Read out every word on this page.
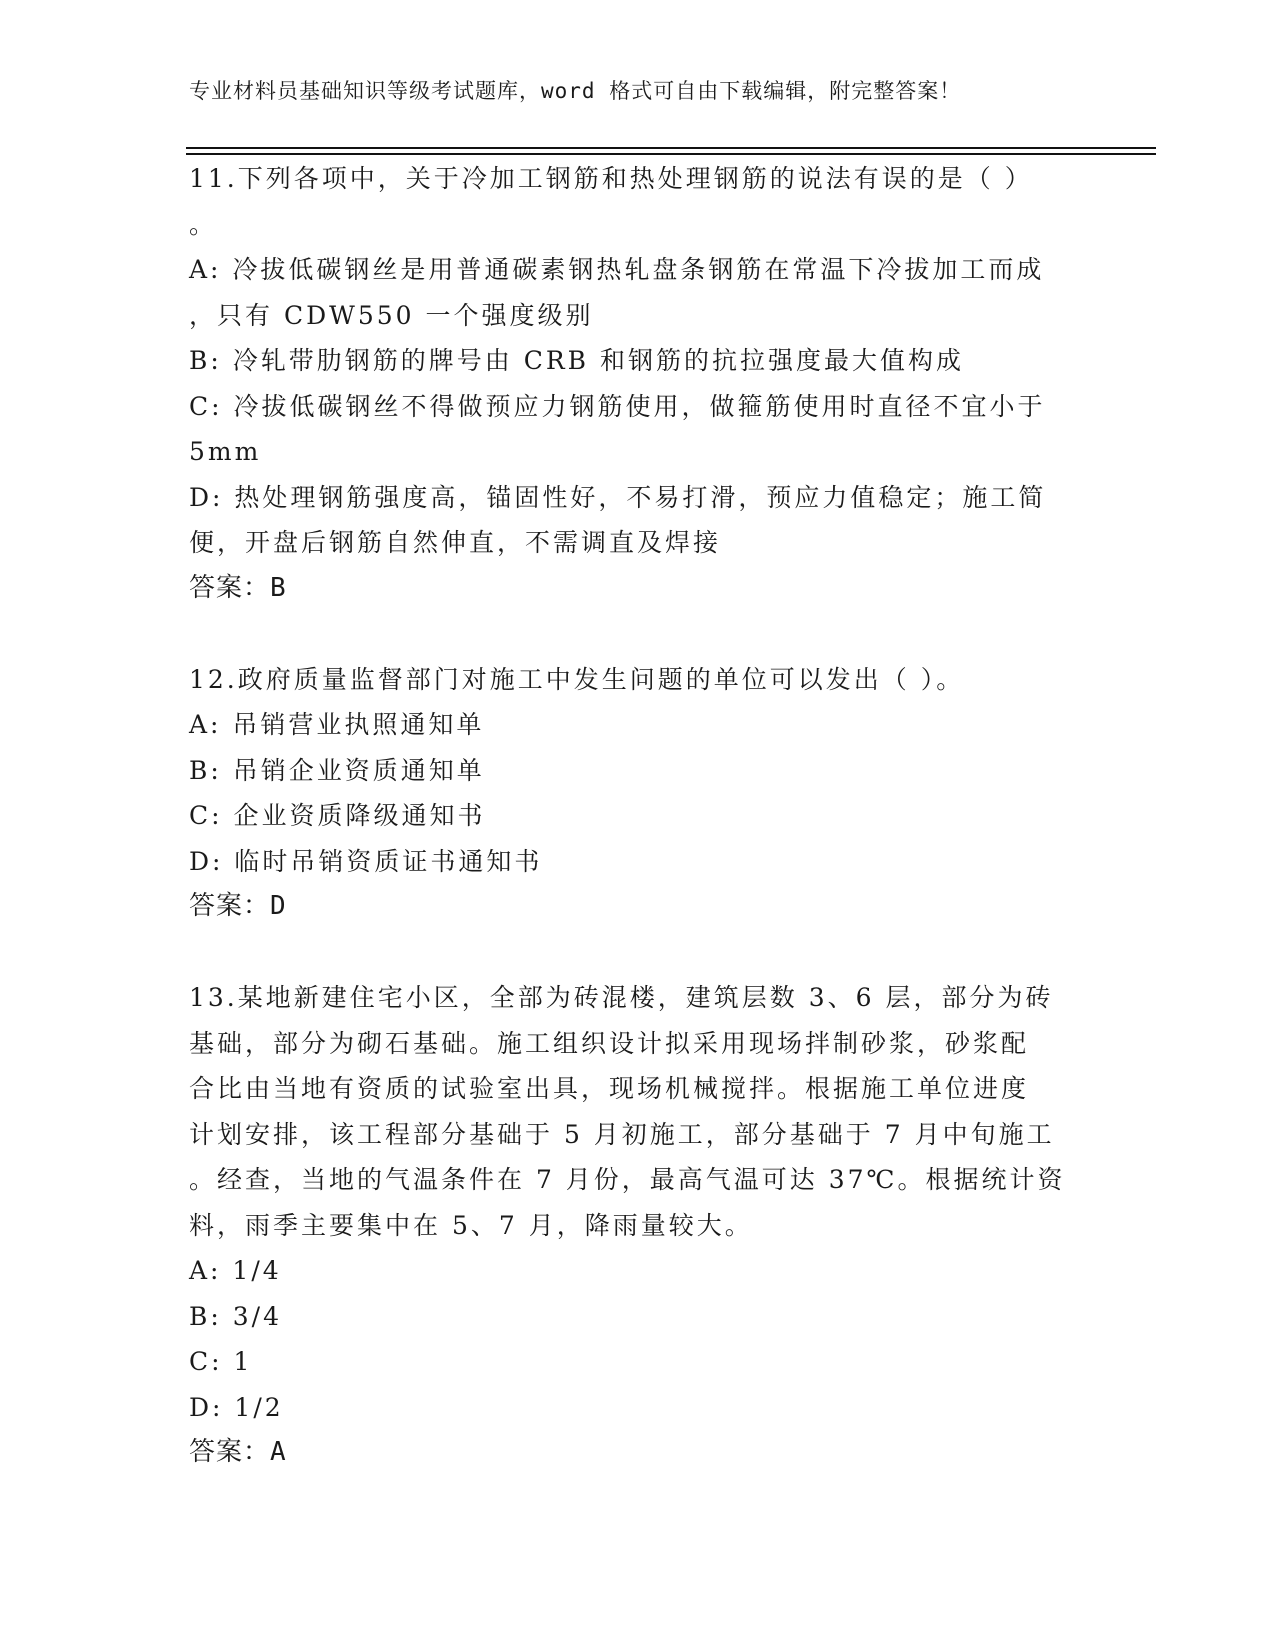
专业材料员基础知识等级考试题库，word 格式可自由下载编辑，附完整答案！
11.下列各项中，关于冷加工钢筋和热处理钢筋的说法有误的是（ ）
。
A: 冷拔低碳钢丝是用普通碳素钢热轧盘条钢筋在常温下冷拔加工而成
，只有 CDW550 一个强度级别
B: 冷轧带肋钢筋的牌号由 CRB 和钢筋的抗拉强度最大值构成
C: 冷拔低碳钢丝不得做预应力钢筋使用，做箍筋使用时直径不宜小于
5mm
D: 热处理钢筋强度高，锚固性好，不易打滑，预应力值稳定；施工简
便，开盘后钢筋自然伸直，不需调直及焊接
答案：B
12.政府质量监督部门对施工中发生问题的单位可以发出（ ）。
A: 吊销营业执照通知单
B: 吊销企业资质通知单
C: 企业资质降级通知书
D: 临时吊销资质证书通知书
答案：D
13.某地新建住宅小区，全部为砖混楼，建筑层数 3、6 层，部分为砖
基础，部分为砌石基础。施工组织设计拟采用现场拌制砂浆，砂浆配
合比由当地有资质的试验室出具，现场机械搅拌。根据施工单位进度
计划安排，该工程部分基础于 5 月初施工，部分基础于 7 月中旬施工
。经查，当地的气温条件在 7 月份，最高气温可达 37℃。根据统计资
料，雨季主要集中在 5、7 月，降雨量较大。
A: 1/4
B: 3/4
C: 1
D: 1/2
答案：A
